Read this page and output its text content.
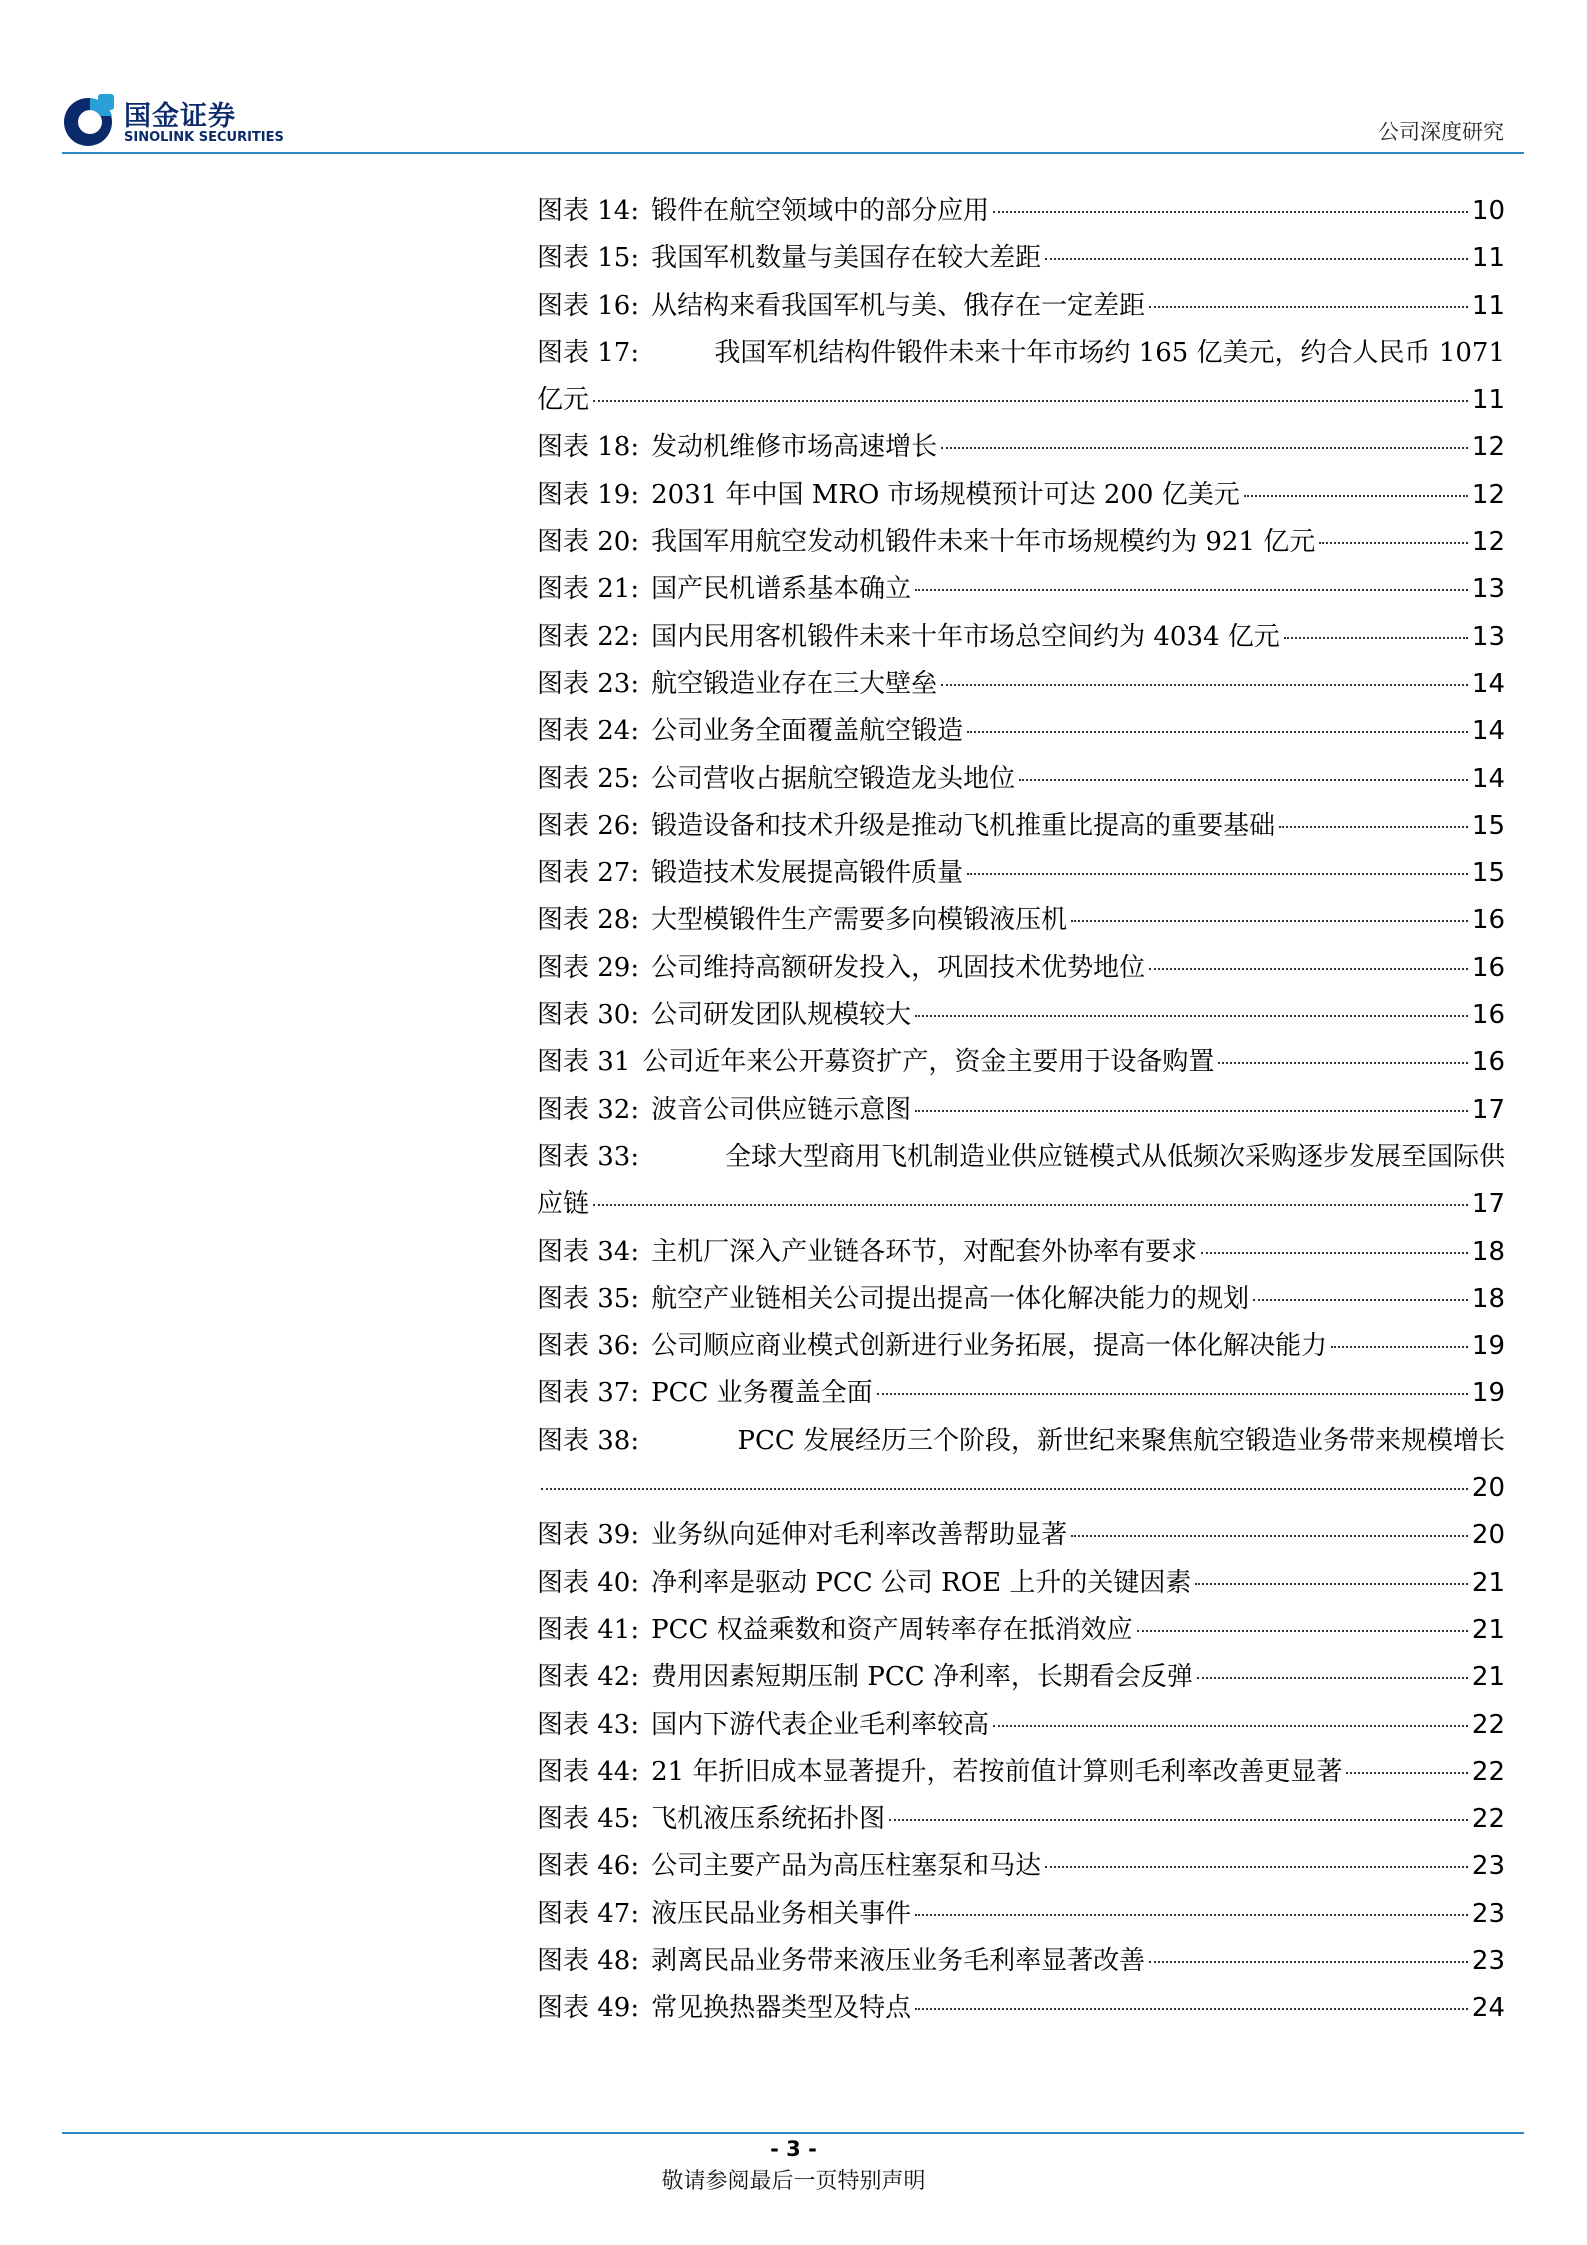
国金证券
SINOLINK SECURITIES	公司深度研究
图表 14: 锻件在航空领域中的部分应用	10
图表 15: 我国军机数量与美国存在较大差距	11
图表 16: 从结构来看我国军机与美、俄存在一定差距	11
图表 17:	我国军机结构件锻件未来十年市场约 165 亿美元，约合人民币 1071
亿元	11
图表 18: 发动机维修市场高速增长	12
图表 19: 2031 年中国 MRO 市场规模预计可达 200 亿美元	12
图表 20: 我国军用航空发动机锻件未来十年市场规模约为 921 亿元	12
图表 21: 国产民机谱系基本确立	13
图表 22: 国内民用客机锻件未来十年市场总空间约为 4034 亿元	13
图表 23: 航空锻造业存在三大壁垒	14
图表 24: 公司业务全面覆盖航空锻造	14
图表 25: 公司营收占据航空锻造龙头地位	14
图表 26: 锻造设备和技术升级是推动飞机推重比提高的重要基础	15
图表 27: 锻造技术发展提高锻件质量	15
图表 28: 大型模锻件生产需要多向模锻液压机	16
图表 29: 公司维持高额研发投入，巩固技术优势地位	16
图表 30: 公司研发团队规模较大	16
图表 31 公司近年来公开募资扩产，资金主要用于设备购置	16
图表 32: 波音公司供应链示意图	17
图表 33:	全球大型商用飞机制造业供应链模式从低频次采购逐步发展至国际供
应链	17
图表 34: 主机厂深入产业链各环节，对配套外协率有要求	18
图表 35: 航空产业链相关公司提出提高一体化解决能力的规划	18
图表 36: 公司顺应商业模式创新进行业务拓展，提高一体化解决能力	19
图表 37: PCC 业务覆盖全面	19
图表 38:	PCC 发展经历三个阶段，新世纪来聚焦航空锻造业务带来规模增长
20
图表 39: 业务纵向延伸对毛利率改善帮助显著	20
图表 40: 净利率是驱动 PCC 公司 ROE 上升的关键因素	21
图表 41: PCC 权益乘数和资产周转率存在抵消效应	21
图表 42: 费用因素短期压制 PCC 净利率，长期看会反弹	21
图表 43: 国内下游代表企业毛利率较高	22
图表 44: 21 年折旧成本显著提升，若按前值计算则毛利率改善更显著	22
图表 45: 飞机液压系统拓扑图	22
图表 46: 公司主要产品为高压柱塞泵和马达	23
图表 47: 液压民品业务相关事件	23
图表 48: 剥离民品业务带来液压业务毛利率显著改善	23
图表 49: 常见换热器类型及特点	24
- 3 -
敬请参阅最后一页特别声明
